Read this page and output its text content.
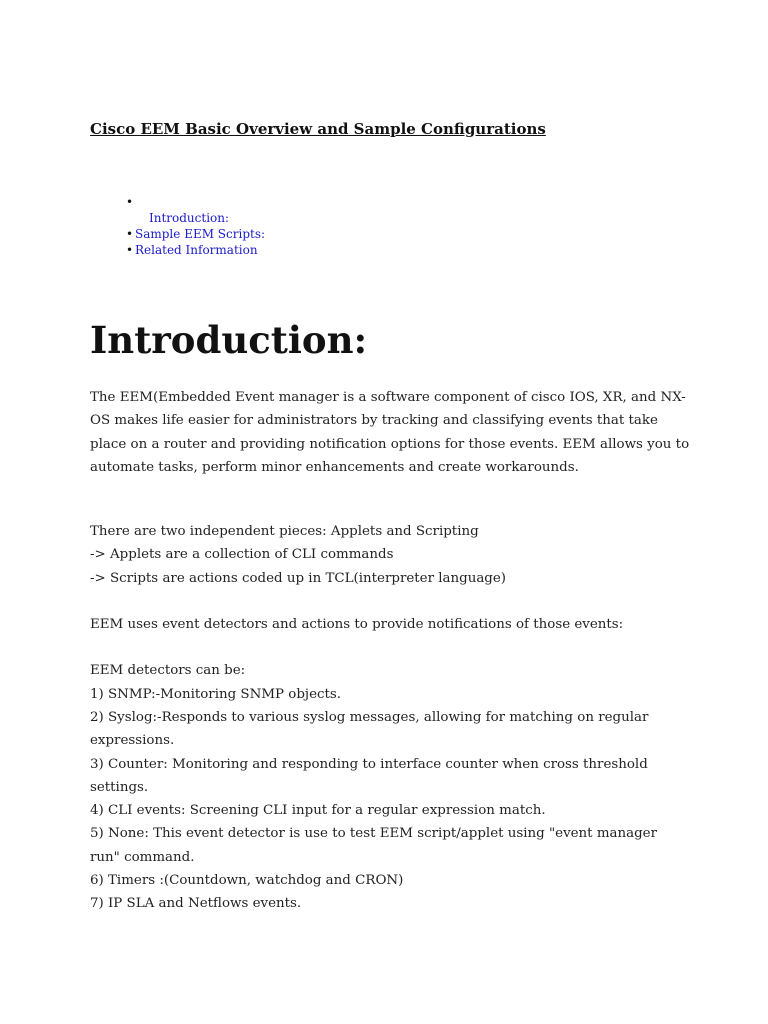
Cisco EEM Basic Overview and Sample Configurations
•
Introduction:
• Sample EEM Scripts:
• Related Information
Introduction:

The EEM(Embedded Event manager is a software component of cisco IOS, XR, and NX-OS makes life easier for administrators by tracking and classifying events that take place on a router and providing notification options for those events. EEM allows you to automate tasks, perform minor enhancements and create workarounds.

There are two independent pieces: Applets and Scripting

-> Applets are a collection of CLI commands

-> Scripts are actions coded up in TCL(interpreter language)

EEM uses event detectors and actions to provide notifications of those events:

EEM detectors can be:

1) SNMP:-Monitoring SNMP objects.

2) Syslog:-Responds to various syslog messages, allowing for matching on regular expressions.

3) Counter: Monitoring and responding to interface counter when cross threshold settings.

4) CLI events: Screening CLI input for a regular expression match.

5) None: This event detector is use to test EEM script/applet using "event manager run" command.

6) Timers :(Countdown, watchdog and CRON)

7) IP SLA and Netflows events.
